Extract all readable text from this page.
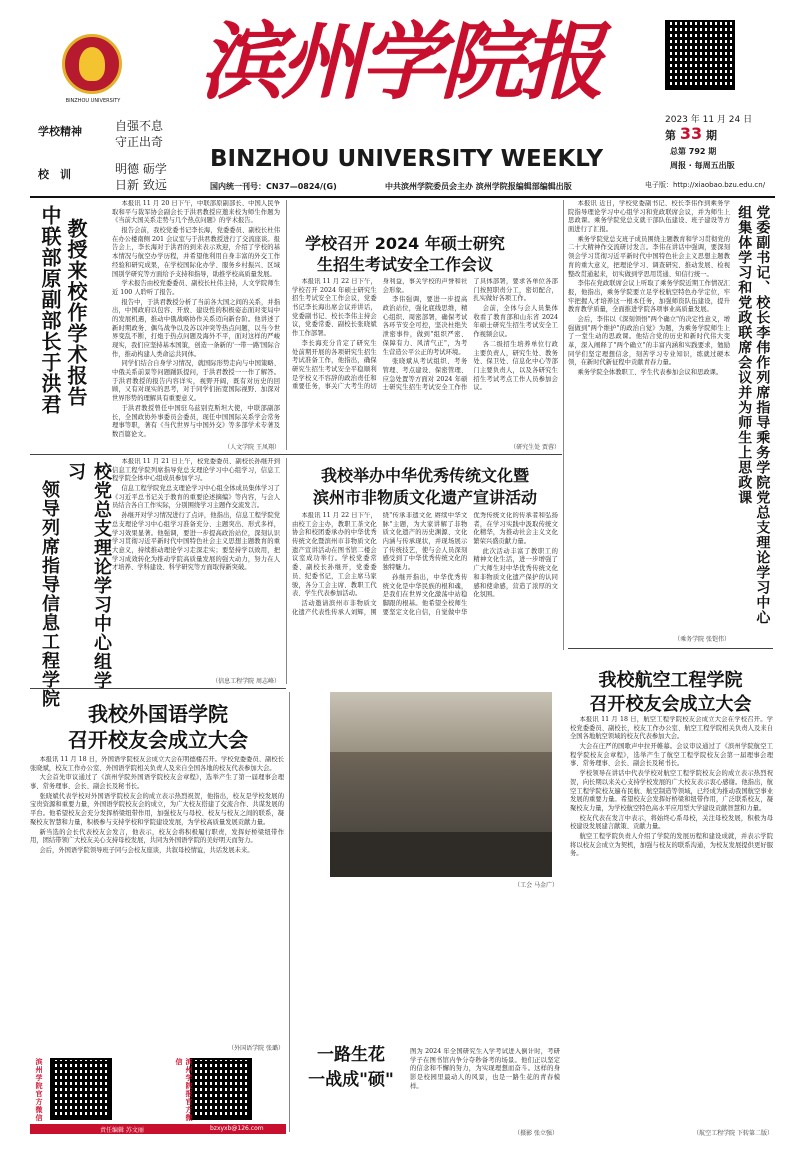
BINZHOU UNIVERSITY
学校精神	自强不息
守正出奇
校　训	明德 砺学
日新 致远
滨州学院报
BINZHOU UNIVERSITY WEEKLY
2023 年 11 月 24 日
第 33 期
总第 792 期
周报 · 每周五出版
电子版：http://xiaobao.bzu.edu.cn/
国内统一刊号：CN37—0824/(G)	中共滨州学院委员会主办 滨州学院报编辑部编辑出版
中联部原副部长于洪君 教授来校作学术报告

本报讯 11 月 20 日下午，中联部原副部长、中国人民争取和平与裁军协会副会长于洪君教授应邀来校为师生作题为《当前大国关系走势与几个热点问题》的学术报告。

报告会前，我校党委书记李长海，党委委员、副校长杜伟在办公楼南侧 201 会议室与于洪君教授进行了交流座谈。报告会上，李长海对于洪君的到来表示欢迎，介绍了学校的基本情况与航空办学历程，并希望他利用自身丰富的外交工作经验和研究成果，在学校国际化办学、服务乡村振兴、区域国别学研究等方面给予支持和指导，助推学校高质量发展。

学术报告由校党委委员、副校长杜伟主持，人文学院师生近 100 人聆听了报告。

报告中，于洪君教授分析了当前各大国之间的关系，并指出，中国政府以包容、开放、建设性的积极姿态面对变局中的发展机遇，推动中俄战略协作关系迈向新台阶。他讲述了新时期政务、偶鸟战争以及苏以冲突等热点问题，以当今世界变乱不断，打炮于热点问题及海外不平，面对这样的严峻现实，我们应坚持基本国策，创造一条新的'一带一路'国际合作，推动构建人类命运共同体。

同学们结合自身学习情况，就国际形势走向与中国策略、中俄关系前景等问题踊跃提问，于洪君教授一一作了解答。于洪君教授的报告内容详实，视野开阔，既有对历史的回顾，又有对现实的思考，对于同学们拓宽国际视野、加深对世界形势的理解具有重要意义。

于洪君教授曾任中国驻乌兹别克斯坦大使，中联部副部长，全国政协外事委员会委员，现任中国国际关系学会常务理事等职，著有《当代世界与中国外交》等多部学术专著及数百篇论文。

（人文学院 王凤翔）
学校召开 2024 年硕士研究生招生考试安全工作会议

本报讯 11 月 22 日下午，学校召开 2024 年硕士研究生招生考试安全工作会议，党委书记李长海出席会议并讲话，党委副书记、校长李伟主持会议，党委常委、副校长张晓斌作工作部署。

李长海充分肯定了研究生处前期开展的各项研究生招生考试准备工作，他指出，确保研究生招生考试安全平稳顺利是学校义不容辞的政治责任和重要任务，事关广大考生的切身利益，事关学校的声誉和社会形象。

李伟强调，要进一步提高政治站位，强化底线思维，精心组织、周密部署，确保考试各环节安全可控，坚决杜绝失泄密事件，做到"组织严密、保障有力、风清气正"，为考生营造公平公正的考试环境。

张晓斌从考试组织、考务管理、考点建设、保密管理、应急处置等方面对 2024 年硕士研究生招生考试安全工作作了具体部署，要求各单位各部门按照职责分工，密切配合，扎实做好各项工作。

会前，全体与会人员集体收看了教育部和山东省 2024 年硕士研究生招生考试安全工作视频会议。

各二级招生培养单位行政主要负责人，研究生处、教务处、保卫处、信息化中心等部门主要负责人，以及各研究生招生考试考点工作人员参加会议。

（研究生处 贾蓉）

本报讯 近日，学校党委副书记、校长李伟作到乘务学院指导理论学习中心组学习和党政联席会议，并为师生上思政课。乘务学院党总支就干部队伍建设、班子建设等方面进行了汇报。

乘务学院党总支班子成员围绕主题教育和学习贯彻党的二十大精神作交流研讨发言。李伟在讲话中强调，要深刻领会学习贯彻习近平新时代中国特色社会主义思想主题教育的重大意义，把理论学习、调查研究、推动发展、检视整改贯通起来，切实做到学思用贯通、知信行统一。

李伟在党政联席会议上听取了乘务学院近期工作情况汇报，他指出，乘务学院要立足学校航空特色办学定位，牢牢把握人才培养这一根本任务，加强师资队伍建设，提升教育教学质量，全面推进学院各项事业高质量发展。

会后，李伟以《深刻领悟"两个确立"的决定性意义，增强做到"两个维护"的政治自觉》为题，为乘务学院师生上了一堂生动的思政课。他结合党的历史和新时代伟大变革，深入阐释了"两个确立"的丰富内涵和实践要求，勉励同学们坚定理想信念，刻苦学习专业知识，练就过硬本领，在新时代新征程中贡献青春力量。

乘务学院全体教职工、学生代表参加会议和思政课。

（乘务学院 张铠伟）
党委副书记、校长李伟作列席指导乘务学院党总支理论学习中心组集体学习和党政联席会议并为师生上思政课
校党总支理论学习中心组学习
领导列席指导信息工程学院

本报讯 11 月 21 日上午，校党委委员、副校长孙继开到信息工程学院列席指导党总支理论学习中心组学习，信息工程学院全体中心组成员参加学习。

信息工程学院党总支理论学习中心组全体成员集体学习了《习近平总书记关于教育的重要论述摘编》等内容，与会人员结合各自工作实际，分别围绕学习主题作交流发言。

孙继开对学习情况进行了点评，他指出，信息工程学院党总支理论学习中心组学习准备充分、主题突出、形式多样，学习效果显著。他强调，要进一步提高政治站位，深刻认识学习贯彻习近平新时代中国特色社会主义思想主题教育的重大意义，持续推动理论学习走深走实；要坚持学以致用，把学习成效转化为推动学院高质量发展的强大动力，努力在人才培养、学科建设、科学研究等方面取得新突破。

（信息工程学院 周志峰）
我校举办中华优秀传统文化暨
滨州市非物质文化遗产宣讲活动

本报讯 11 月 22 日下午，由校工会主办，教职工茶文化协会和校团委承办的中华优秀传统文化暨滨州市非物质文化遗产宣讲活动在图书馆二楼会议室成功举行。学校党委常委、副校长孙继开，党委委员、纪委书记，工会主席马家骏，各分工会主席、教职工代表、学生代表参加活动。

活动邀请滨州市非物质文化遗产代表性传承人刘辉，围绕"传承非遗文化 赓续中华文脉"主题，为大家讲解了非物质文化遗产的历史渊源、文化内涵与传承现状，并现场展示了传统技艺，使与会人员深刻感受到了中华优秀传统文化的独特魅力。

孙继开指出，中华优秀传统文化是中华民族的根和魂，是我们在世界文化激荡中站稳脚跟的根基。他希望全校师生要坚定文化自信，自觉做中华优秀传统文化的传承者和弘扬者，在学习实践中汲取传统文化精华，为推动社会主义文化繁荣兴盛贡献力量。

此次活动丰富了教职工的精神文化生活，进一步增强了广大师生对中华优秀传统文化和非物质文化遗产保护的认同感和使命感，营造了浓厚的文化氛围。

（工会 马金广）
我校外国语学院
召开校友会成立大会

本报讯 11 月 18 日，外国语学院校友会成立大会在明德楼召开。学校党委委员、副校长张晓斌，校友工作办公室、外国语学院相关负责人及来自全国各地的校友代表参加大会。

大会首先审议通过了《滨州学院外国语学院校友会章程》，选举产生了第一届理事会理事、常务理事、会长、副会长及秘书长。

张晓斌代表学校对外国语学院校友会的成立表示热烈祝贺，他指出，校友是学校发展的宝贵资源和重要力量，外国语学院校友会的成立，为广大校友搭建了交流合作、共谋发展的平台。他希望校友会充分发挥桥梁纽带作用，加强校友与母校、校友与校友之间的联系，凝聚校友智慧和力量，积极参与支持学校和学院建设发展，为学校高质量发展贡献力量。

新当选的会长代表校友会发言，他表示，校友会将积极履行职责，发挥好桥梁纽带作用，团结带领广大校友关心支持母校发展，共同为外国语学院的美好明天而努力。

会后，外国语学院领导班子同与会校友座谈，共叙母校情谊，共话发展未来。

（外国语学院 张璐）
滨州学院官方微信	滨州学院报官方微信
责任编辑 苏文丽	bzxyxb@126.com
一路生花
一战成"硕"
图为 2024 年全国研究生入学考试进入倒计时，考研学子在图书馆内争分夺秒备考的场景。他们正以坚定的信念和不懈的努力，为实现理想而奋斗。这样的身影是校园里最动人的风景，也是一路生花的青春模样。
（摄影 张立强）
我校航空工程学院
召开校友会成立大会

本报讯 11 月 18 日，航空工程学院校友会成立大会在学校召开。学校党委委员、副校长，校友工作办公室、航空工程学院相关负责人及来自全国各地航空领域的校友代表参加大会。

大会在庄严的国歌声中拉开帷幕。会议审议通过了《滨州学院航空工程学院校友会章程》，选举产生了航空工程学院校友会第一届理事会理事、常务理事、会长、副会长及秘书长。

学校领导在讲话中代表学校对航空工程学院校友会的成立表示热烈祝贺，向长期以来关心支持学校发展的广大校友表示衷心感谢。他指出，航空工程学院校友遍布民航、航空制造等领域，已经成为推动我国航空事业发展的重要力量。希望校友会发挥好桥梁和纽带作用，广泛联系校友，凝聚校友力量，为学校航空特色高水平应用型大学建设贡献智慧和力量。

校友代表在发言中表示，将始终心系母校，关注母校发展，积极为母校建设发展建言献策、贡献力量。

航空工程学院负责人介绍了学院的发展历程和建设成就，并表示学院将以校友会成立为契机，加强与校友的联系沟通，为校友发展提供更好服务。

（航空工程学院 下转第二版）
